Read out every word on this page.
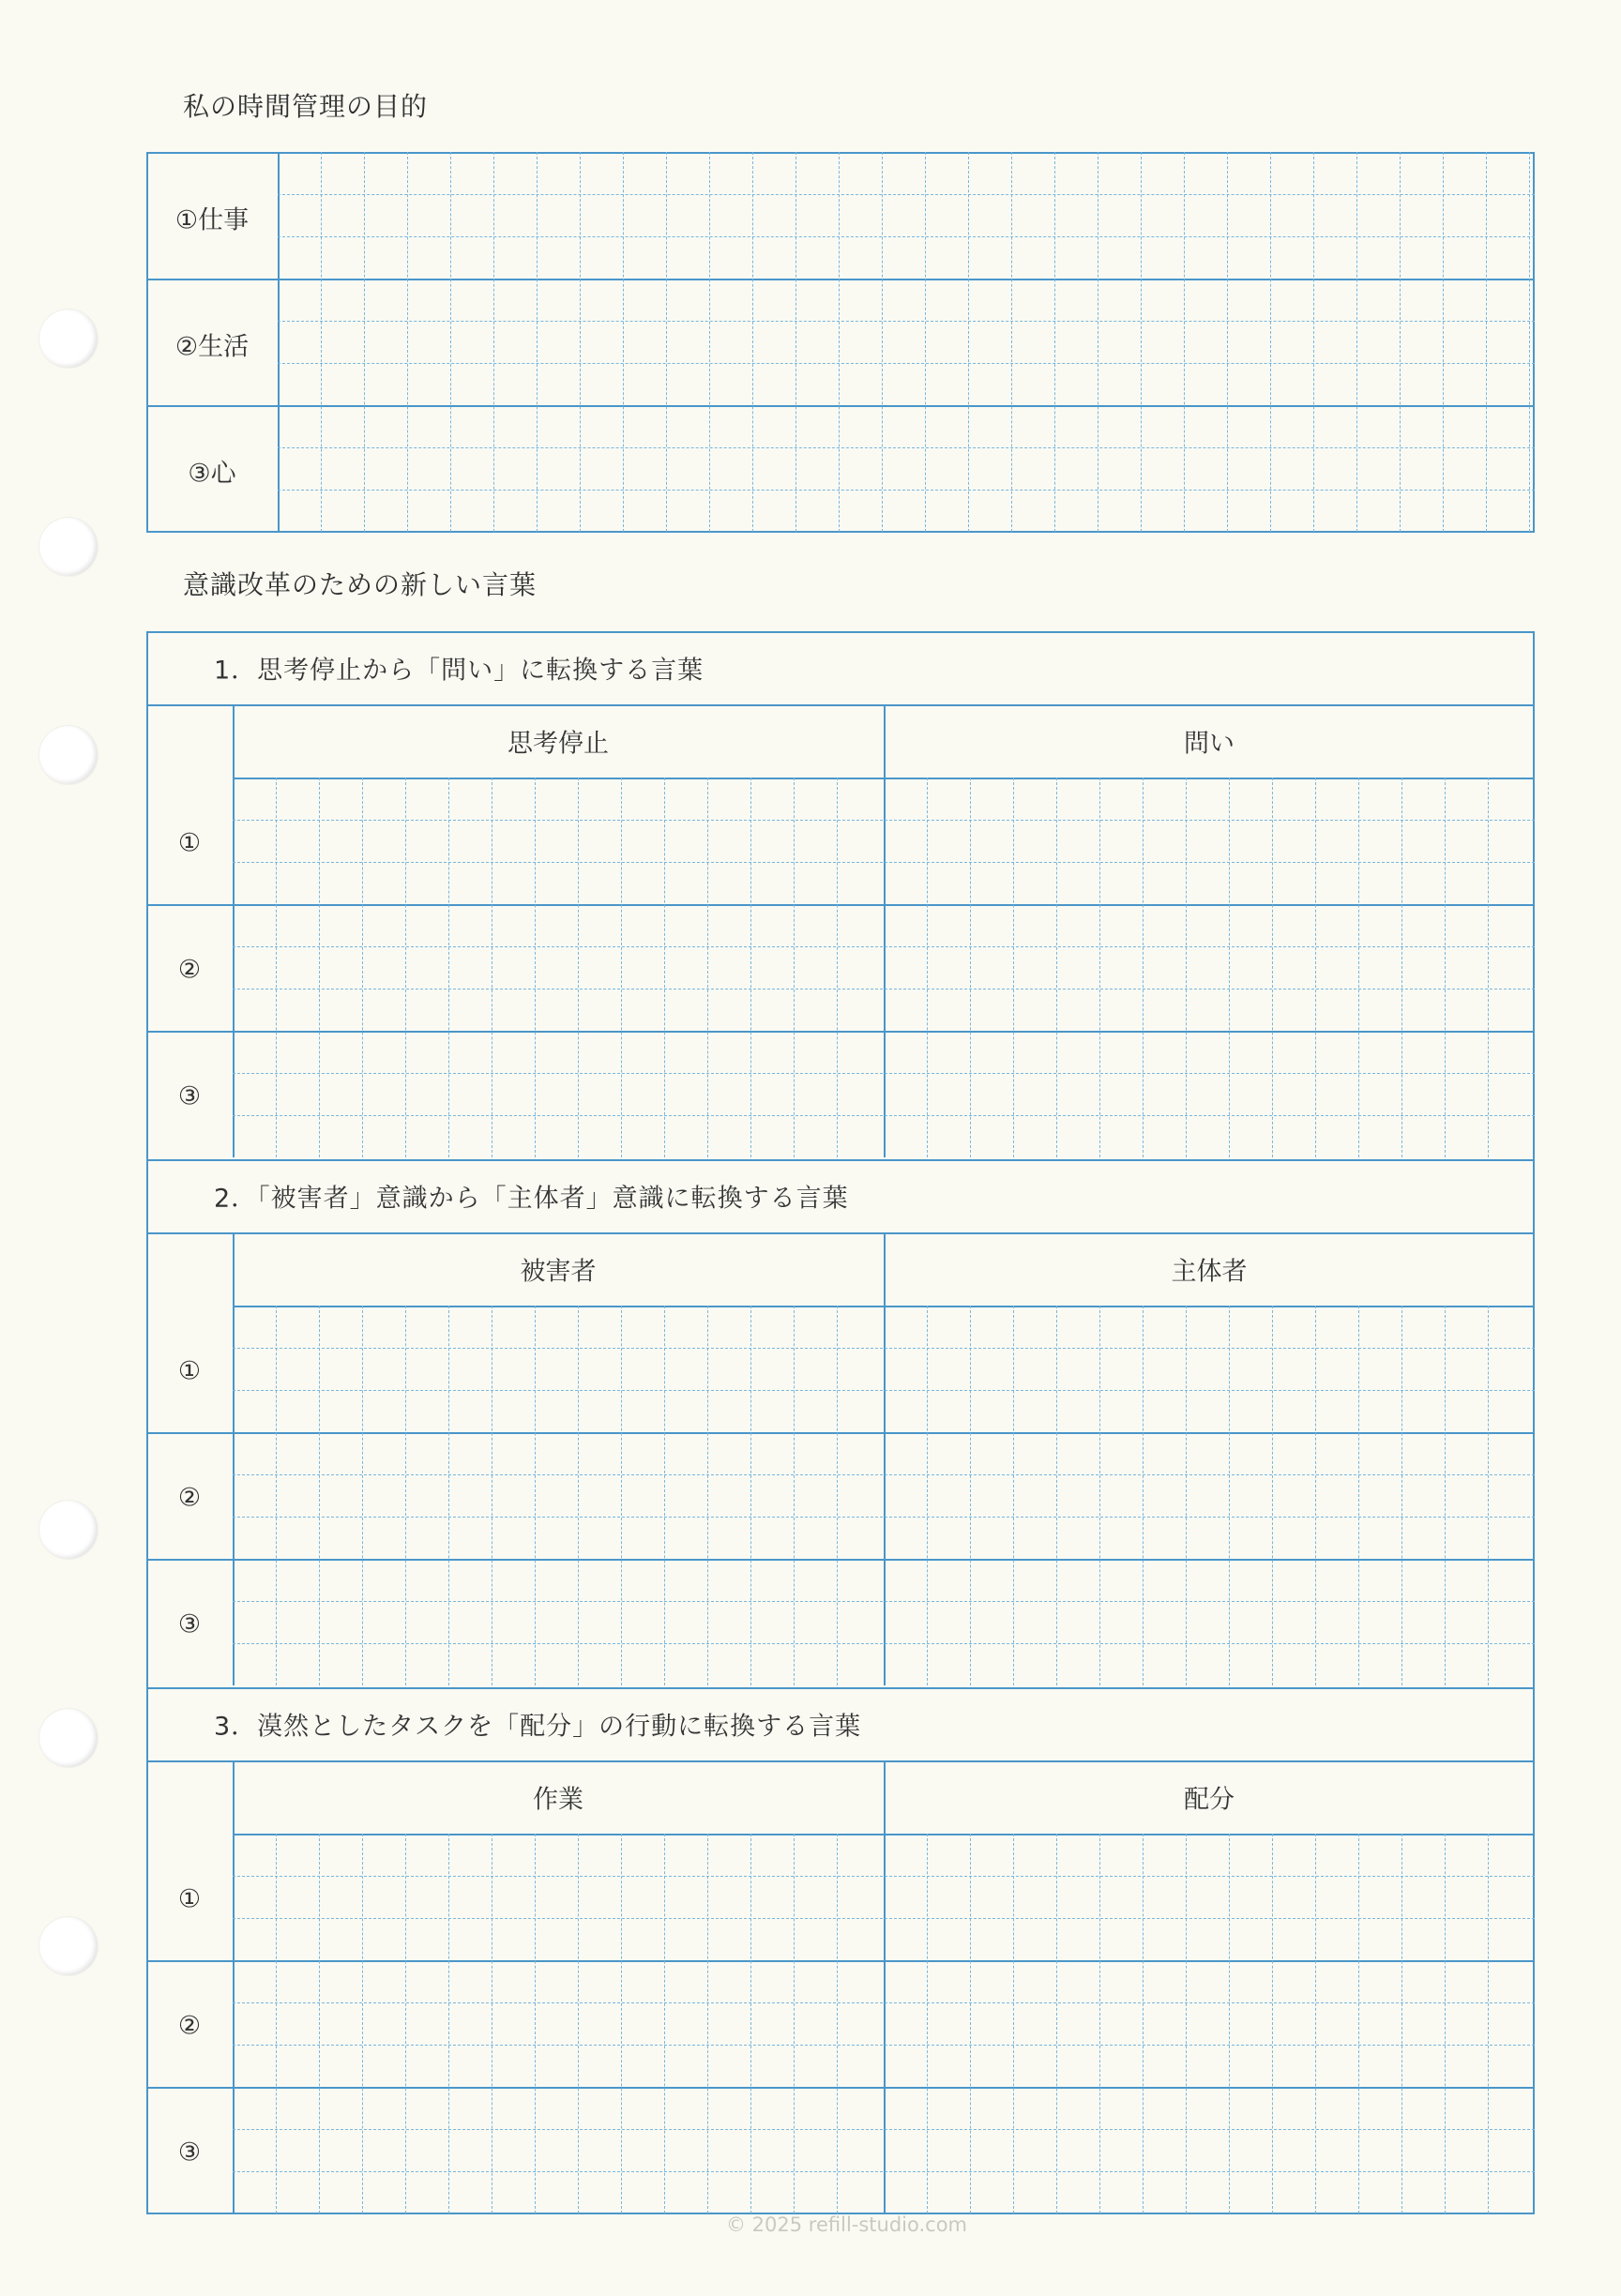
私の時間管理の目的
意識改革のための新しい言葉
①仕事
②生活
③心
1．思考停止から「問い」に転換する言葉
思考停止	問い
①
②
③
2．「被害者」意識から「主体者」意識に転換する言葉
被害者	主体者
①
②
③
3．漠然としたタスクを「配分」の行動に転換する言葉
作業	配分
①
②
③
© 2025 refill-studio.com
